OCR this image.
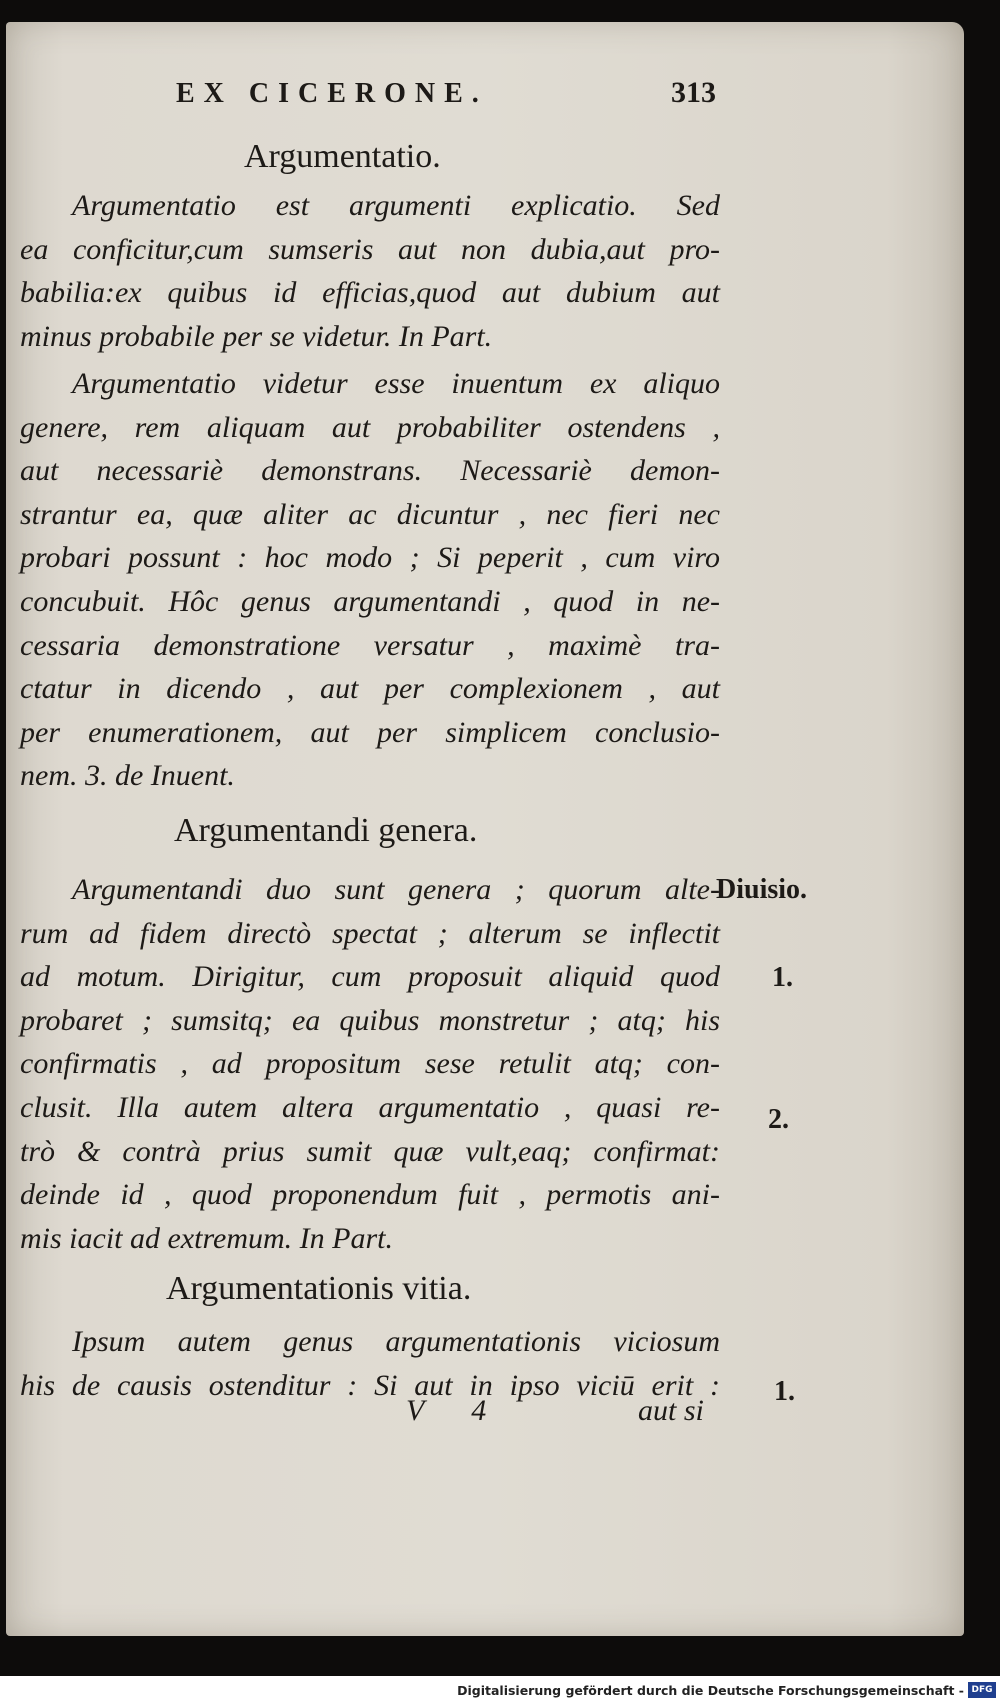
EX CICERONE.	313
Argumentatio.
Argumentatio est argumenti explicatio. Sed
ea conficitur,cum sumseris aut non dubia,aut pro-
babilia:ex quibus id efficias,quod aut dubium aut
minus probabile per se videtur. In Part.
Argumentatio videtur esse inuentum ex aliquo
genere, rem aliquam aut probabiliter ostendens ,
aut necessariè demonstrans. Necessariè demon-
strantur ea, quæ aliter ac dicuntur , nec fieri nec
probari possunt : hoc modo ; Si peperit , cum viro
concubuit. Hôc genus argumentandi , quod in ne-
cessaria demonstratione versatur , maximè tra-
ctatur in dicendo , aut per complexionem , aut
per enumerationem, aut per simplicem conclusio-
nem. 3. de Inuent.
Argumentandi genera.
Argumentandi duo sunt genera ; quorum alte-
rum ad fidem directò spectat ; alterum se inflectit
ad motum. Dirigitur, cum proposuit aliquid quod
probaret ; sumsitq; ea quibus monstretur ; atq; his
confirmatis , ad propositum sese retulit atq; con-
clusit. Illa autem altera argumentatio , quasi re-
trò & contrà prius sumit quæ vult,eaq; confirmat:
deinde id , quod proponendum fuit , permotis ani-
mis iacit ad extremum. In Part.
Argumentationis vitia.
Ipsum autem genus argumentationis viciosum
his de causis ostenditur : Si aut in ipso viciū erit :
Diuisio.
1.
2.
1.
V 4	aut si
Digitalisierung gefördert durch die Deutsche Forschungsgemeinschaft - DFG
